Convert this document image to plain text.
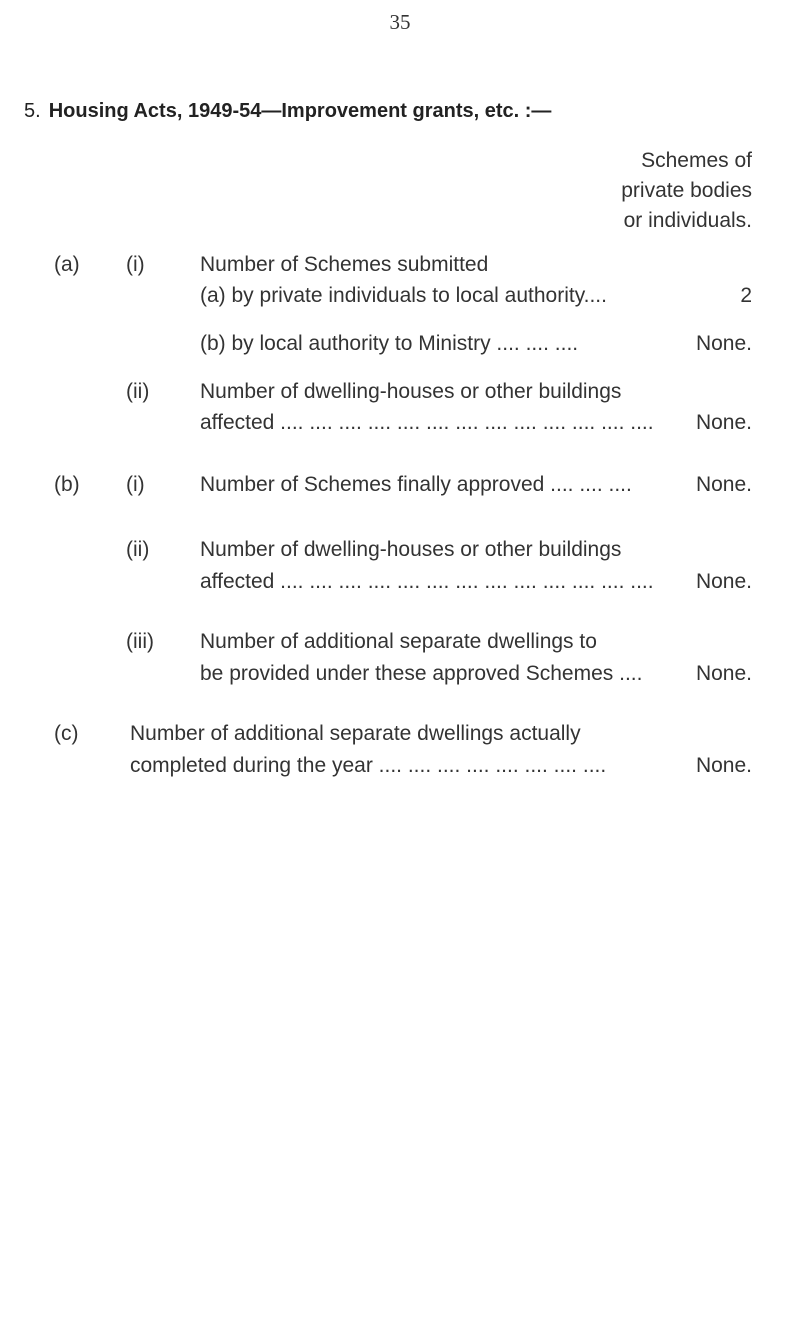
35
5. Housing Acts, 1949-54—Improvement grants, etc. :—
Schemes of
private bodies
or individuals.
(a) (i)	Number of Schemes submitted
(a) by private individuals to local authority....	2
(b) by local authority to Ministry .... .... ....	None.
(ii) Number of dwelling-houses or other buildings
affected .... .... .... .... .... .... .... .... .... .... .... .... .... None.
(b) (i)	Number of Schemes finally approved .... .... ....	None.
(ii) Number of dwelling-houses or other buildings
affected .... .... .... .... .... .... .... .... .... .... .... .... .... None.
(iii) Number of additional separate dwellings to
be provided under these approved Schemes ....	None.
(c) Number of additional separate dwellings actually
completed during the year .... .... .... .... .... .... .... ....	None.
